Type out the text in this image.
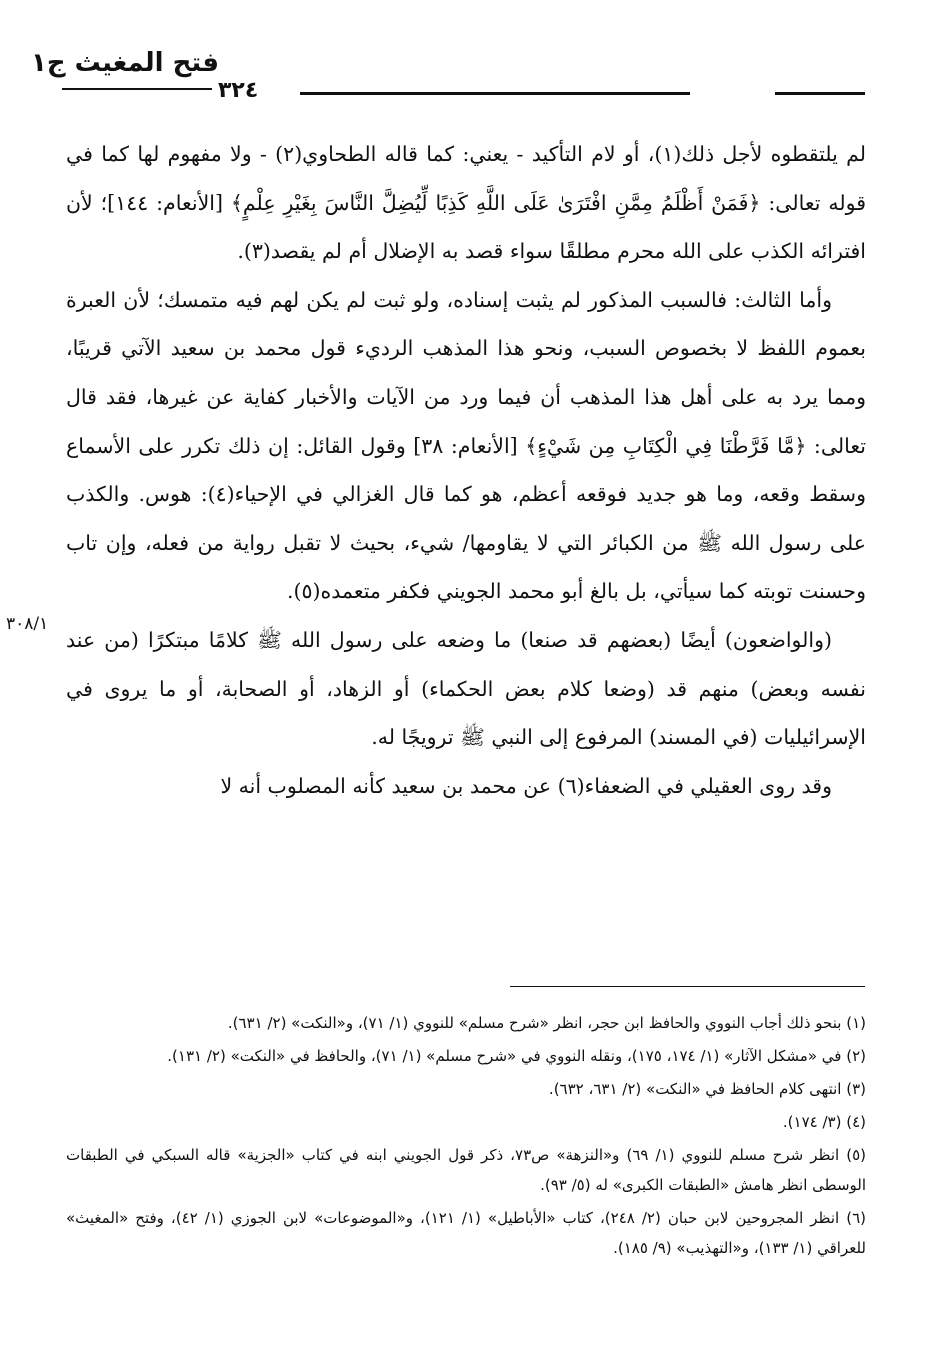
فتح المغيث ج١
٣٢٤
٣٠٨/١

لم يلتقطوه لأجل ذلك(١)، أو لام التأكيد - يعني: كما قاله الطحاوي(٢) - ولا مفهوم لها كما في قوله تعالى: ﴿فَمَنْ أَظْلَمُ مِمَّنِ افْتَرَىٰ عَلَى اللَّهِ كَذِبًا لِّيُضِلَّ النَّاسَ بِغَيْرِ عِلْمٍ﴾ [الأنعام: ١٤٤]؛ لأن افترائه الكذب على الله محرم مطلقًا سواء قصد به الإضلال أم لم يقصد(٣).

وأما الثالث: فالسبب المذكور لم يثبت إسناده، ولو ثبت لم يكن لهم فيه متمسك؛ لأن العبرة بعموم اللفظ لا بخصوص السبب، ونحو هذا المذهب الرديء قول محمد بن سعيد الآتي قريبًا، ومما يرد به على أهل هذا المذهب أن فيما ورد من الآيات والأخبار كفاية عن غيرها، فقد قال تعالى: ﴿مَّا فَرَّطْنَا فِي الْكِتَابِ مِن شَيْءٍ﴾ [الأنعام: ٣٨] وقول القائل: إن ذلك تكرر على الأسماع وسقط وقعه، وما هو جديد فوقعه أعظم، هو كما قال الغزالي في الإحياء(٤): هوس. والكذب على رسول الله ﷺ من الكبائر التي لا يقاومها/ شيء، بحيث لا تقبل رواية من فعله، وإن تاب وحسنت توبته كما سيأتي، بل بالغ أبو محمد الجويني فكفر متعمده(٥).

(والواضعون) أيضًا (بعضهم قد صنعا) ما وضعه على رسول الله ﷺ كلامًا مبتكرًا (من عند نفسه وبعض) منهم قد (وضعا كلام بعض الحكماء) أو الزهاد، أو الصحابة، أو ما يروى في الإسرائيليات (في المسند) المرفوع إلى النبي ﷺ ترويجًا له.

وقد روى العقيلي في الضعفاء(٦) عن محمد بن سعيد كأنه المصلوب أنه لا

(١) بنحو ذلك أجاب النووي والحافظ ابن حجر، انظر «شرح مسلم» للنووي (١/ ٧١)، و«النكت» (٢/ ٦٣١).

(٢) في «مشكل الآثار» (١/ ١٧٤، ١٧٥)، ونقله النووي في «شرح مسلم» (١/ ٧١)، والحافظ في «النكت» (٢/ ١٣١).

(٣) انتهى كلام الحافظ في «النكت» (٢/ ٦٣١، ٦٣٢).

(٤) (٣/ ١٧٤).

(٥) انظر شرح مسلم للنووي (١/ ٦٩) و«النزهة» ص٧٣، ذكر قول الجويني ابنه في كتاب «الجزية» قاله السبكي في الطبقات الوسطى انظر هامش «الطبقات الكبرى» له (٥/ ٩٣).

(٦) انظر المجروحين لابن حبان (٢/ ٢٤٨)، كتاب «الأباطيل» (١/ ١٢١)، و«الموضوعات» لابن الجوزي (١/ ٤٢)، وفتح «المغيث» للعراقي (١/ ١٣٣)، و«التهذيب» (٩/ ١٨٥).
